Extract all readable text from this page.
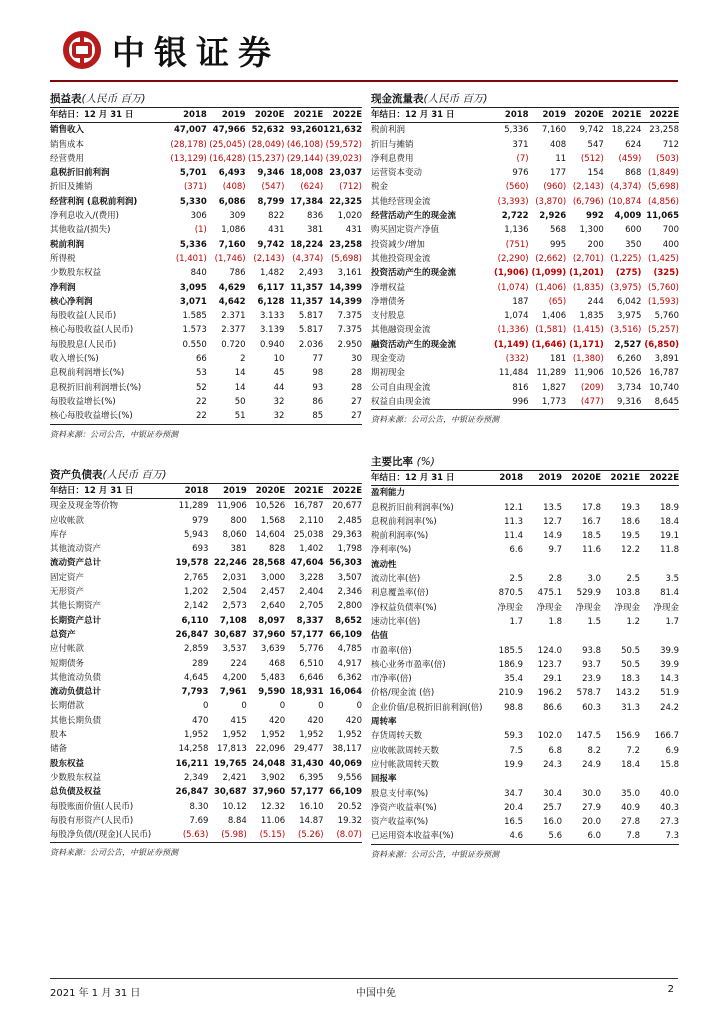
中银证券
损益表(人民币 百万)
年结日：12 月 31 日	2018	2019	2020E	2021E	2022E
销售收入	47,007	47,966	52,632	93,260	121,632
销售成本	(28,178)	(25,045)	(28,049)	(46,108)	(59,572)
经营费用	(13,129)	(16,428)	(15,237)	(29,144)	(39,023)
息税折旧前利润	5,701	6,493	9,346	18,008	23,037
折旧及摊销	(371)	(408)	(547)	(624)	(712)
经营利润 (息税前利润)	5,330	6,086	8,799	17,384	22,325
净利息收入/(费用)	306	309	822	836	1,020
其他收益/(损失)	(1)	1,086	431	381	431
税前利润	5,336	7,160	9,742	18,224	23,258
所得税	(1,401)	(1,746)	(2,143)	(4,374)	(5,698)
少数股东权益	840	786	1,482	2,493	3,161
净利润	3,095	4,629	6,117	11,357	14,399
核心净利润	3,071	4,642	6,128	11,357	14,399
每股收益(人民币)	1.585	2.371	3.133	5.817	7.375
核心每股收益(人民币)	1.573	2.377	3.139	5.817	7.375
每股股息(人民币)	0.550	0.720	0.940	2.036	2.950
收入增长(%)	66	2	10	77	30
息税前利润增长(%)	53	14	45	98	28
息税折旧前利润增长(%)	52	14	44	93	28
每股收益增长(%)	22	50	32	86	27
核心每股收益增长(%)	22	51	32	85	27
资料来源：公司公告，中银证券预测
现金流量表(人民币 百万)
年结日：12 月 31 日	2018	2019	2020E	2021E	2022E
税前利润	5,336	7,160	9,742	18,224	23,258
折旧与摊销	371	408	547	624	712
净利息费用	(7)	11	(512)	(459)	(503)
运营资本变动	976	177	154	868	(1,849)
税金	(560)	(960)	(2,143)	(4,374)	(5,698)
其他经营现金流	(3,393)	(3,870)	(6,796)	(10,874	(4,856)
经营活动产生的现金流	2,722	2,926	992	4,009	11,065
购买固定资产净值	1,136	568	1,300	600	700
投资减少/增加	(751)	995	200	350	400
其他投资现金流	(2,290)	(2,662)	(2,701)	(1,225)	(1,425)
投资活动产生的现金流	(1,906)	(1,099)	(1,201)	(275)	(325)
净增权益	(1,074)	(1,406)	(1,835)	(3,975)	(5,760)
净增债务	187	(65)	244	6,042	(1,593)
支付股息	1,074	1,406	1,835	3,975	5,760
其他融资现金流	(1,336)	(1,581)	(1,415)	(3,516)	(5,257)
融资活动产生的现金流	(1,149)	(1,646)	(1,171)	2,527	(6,850)
现金变动	(332)	181	(1,380)	6,260	3,891
期初现金	11,484	11,289	11,906	10,526	16,787
公司自由现金流	816	1,827	(209)	3,734	10,740
权益自由现金流	996	1,773	(477)	9,316	8,645
资料来源：公司公告，中银证券预测
资产负债表(人民币 百万)
年结日：12 月 31 日	2018	2019	2020E	2021E	2022E
现金及现金等价物	11,289	11,906	10,526	16,787	20,677
应收帐款	979	800	1,568	2,110	2,485
库存	5,943	8,060	14,604	25,038	29,363
其他流动资产	693	381	828	1,402	1,798
流动资产总计	19,578	22,246	28,568	47,604	56,303
固定资产	2,765	2,031	3,000	3,228	3,507
无形资产	1,202	2,504	2,457	2,404	2,346
其他长期资产	2,142	2,573	2,640	2,705	2,800
长期资产总计	6,110	7,108	8,097	8,337	8,652
总资产	26,847	30,687	37,960	57,177	66,109
应付帐款	2,859	3,537	3,639	5,776	4,785
短期债务	289	224	468	6,510	4,917
其他流动负债	4,645	4,200	5,483	6,646	6,362
流动负债总计	7,793	7,961	9,590	18,931	16,064
长期借款	0	0	0	0	0
其他长期负债	470	415	420	420	420
股本	1,952	1,952	1,952	1,952	1,952
储备	14,258	17,813	22,096	29,477	38,117
股东权益	16,211	19,765	24,048	31,430	40,069
少数股东权益	2,349	2,421	3,902	6,395	9,556
总负债及权益	26,847	30,687	37,960	57,177	66,109
每股账面价值(人民币)	8.30	10.12	12.32	16.10	20.52
每股有形资产(人民币)	7.69	8.84	11.06	14.87	19.32
每股净负债/(现金)(人民币)	(5.63)	(5.98)	(5.15)	(5.26)	(8.07)
资料来源：公司公告，中银证券预测
主要比率 (%)
年结日：12 月 31 日	2018	2019	2020E	2021E	2022E
盈利能力					
息税折旧前利润率(%)	12.1	13.5	17.8	19.3	18.9
息税前利润率(%)	11.3	12.7	16.7	18.6	18.4
税前利润率(%)	11.4	14.9	18.5	19.5	19.1
净利率(%)	6.6	9.7	11.6	12.2	11.8
流动性					
流动比率(倍)	2.5	2.8	3.0	2.5	3.5
利息覆盖率(倍)	870.5	475.1	529.9	103.8	81.4
净权益负债率(%)	净现金	净现金	净现金	净现金	净现金
速动比率(倍)	1.7	1.8	1.5	1.2	1.7
估值					
市盈率(倍)	185.5	124.0	93.8	50.5	39.9
核心业务市盈率(倍)	186.9	123.7	93.7	50.5	39.9
市净率(倍)	35.4	29.1	23.9	18.3	14.3
价格/现金流 (倍)	210.9	196.2	578.7	143.2	51.9
企业价值/息税折旧前利润(倍)	98.8	86.6	60.3	31.3	24.2
周转率					
存货周转天数	59.3	102.0	147.5	156.9	166.7
应收帐款周转天数	7.5	6.8	8.2	7.2	6.9
应付帐款周转天数	19.9	24.3	24.9	18.4	15.8
回报率					
股息支付率(%)	34.7	30.4	30.0	35.0	40.0
净资产收益率(%)	20.4	25.7	27.9	40.9	40.3
资产收益率(%)	16.5	16.0	20.0	27.8	27.3
已运用资本收益率(%)	4.6	5.6	6.0	7.8	7.3
资料来源：公司公告，中银证券预测
2021 年 1 月 31 日	中国中免	2
